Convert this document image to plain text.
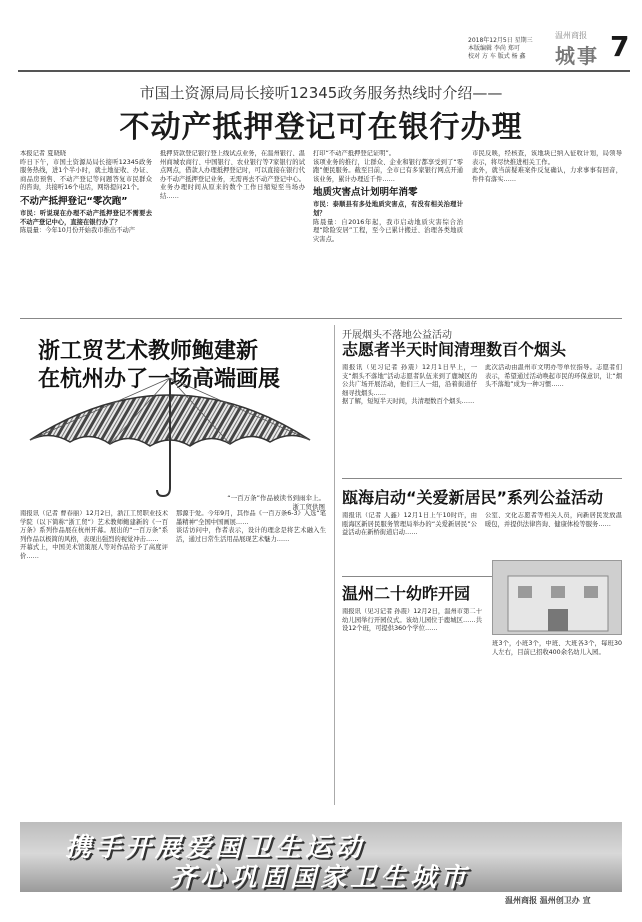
2018年12月5日 星期三
本版编辑 李尚 郑可
校对 方 车 版式 杨 鑫
温州商报
城事 7
市国土资源局局长接听12345政务服务热线时介绍——
不动产抵押登记可在银行办理
本报记者 夏晓晓
昨日下午，市国土资源局局长接听12345政务服务热线，进1个半小时，就土地征收、办证、商品房预售、不动产登记等问题答复市民群众的咨询，共接听16个电话，网络提问21个。
不动产抵押登记“零次跑”
市民：听说现在办理不动产抵押登记不需要去不动产登记中心，直接在银行办了？
陈晨量：今年10月份开始我市推出不动产
抵押贷款登记银行登上线试点业务，在温州银行、温州商城农商行、中国银行、农业银行等7家银行的试点网点，借款人办理抵押登记时，可以直接在银行代办不动产抵押登记业务，无需再去不动产登记中心。业务办理时间从原来的数个工作日缩短至当场办结……
打印“不动产抵押登记证明”。
该项业务的推行，让群众、企业和银行都享受到了“零跑”便民服务。截至目前，全市已有多家银行网点开通该业务，累计办理近千件……
地质灾害点计划明年消零
市民：泰顺县有多处地质灾害点，有没有相关治理计划？
陈晨量：自2016年起，我市启动地质灾害综合治理“除险安居”工程，至今已累计搬迁、治理各类地质灾害点。
市民反映，经核查，该地块已纳入征收计划，局领导表示，将尽快推进相关工作。
此外，就当前疑难案件反复确认，力求事事有回音，件件有落实……
浙工贸艺术教师鲍建新
在杭州办了一场高端画展
“一百万条”作品被读书到雨伞上。
浙工贸供图
南报讯（记者 曹春丽）12月2日，浙江工贸职业技术学院（以下简称“浙工贸”）艺术教师鲍建新的《一百万条》系列作品展在杭州开幕。展出的“一百万条”系列作品以极简的风格，表现出强烈的视觉冲击……
开幕式上，中国美术馆策展人等对作品给予了高度评价……
那源于爱。今年9月，其作品《一百万条6-3》入选“笔墨精神”全国中国画展……
谈话访问中，作者表示，设计的理念是将艺术融入生活，通过日常生活用品展现艺术魅力……
开展烟头不落地公益活动
志愿者半天时间清理数百个烟头
南报讯（见习记者 孙震）12月1日早上，一支“烟头不落地”活动志愿者队伍来到了鹿城区的公共广场开展活动，他们三人一组，沿着街道仔细寻找烟头……
据了解，短短半天时间，共清理数百个烟头……
此次活动由温州市文明办等单位指导。志愿者们表示，希望通过活动唤起市民的环保意识，让“烟头不落地”成为一种习惯……
瓯海启动“关爱新居民”系列公益活动
南报讯（记者 人鑫）12月1日上午10时许，由瓯海区新居民服务管理局举办的“关爱新居民”公益活动在新桥街道启动……
公室、文化志愿者等相关人员，向新居民发放温暖包，并提供法律咨询、健康体检等服务……
温州二十幼昨开园
南报讯（见习记者 孙震）12月2日，温州市第二十幼儿园举行开园仪式。该幼儿园位于鹿城区……共设12个班，可提供360个学位……
班3个，小班3个，中班、大班各3个，每班30人左右，目前已招收400余名幼儿入园。
携手开展爱国卫生运动
齐心巩固国家卫生城市
温州商报 温州创卫办 宣
